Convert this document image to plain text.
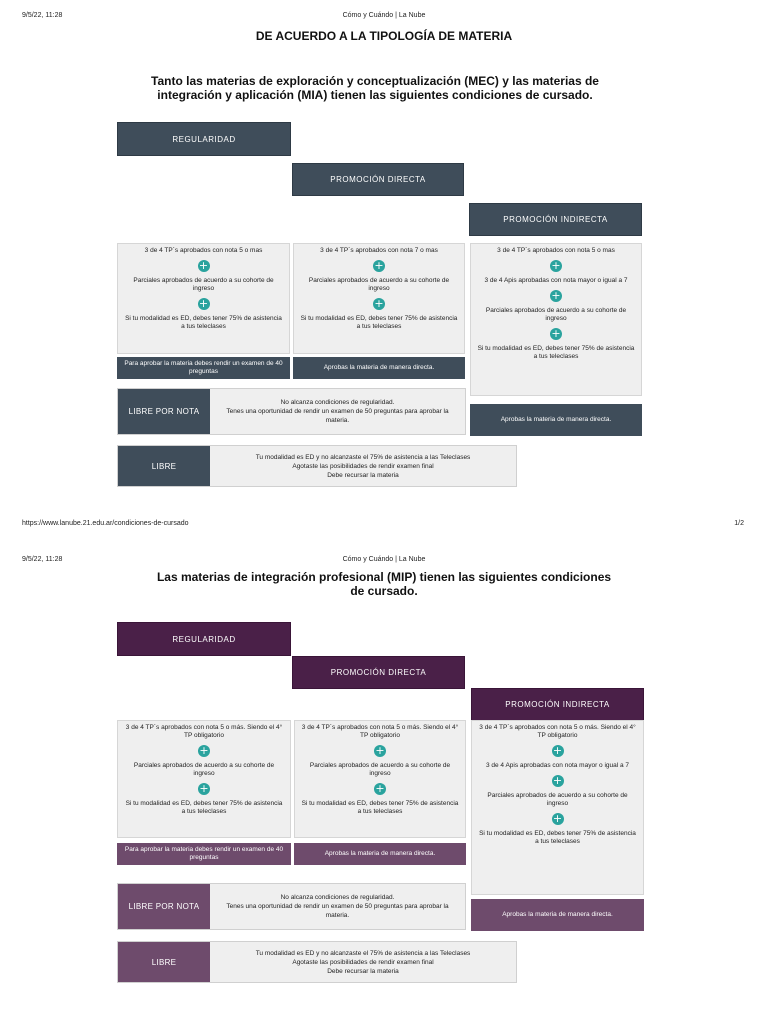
9/5/22, 11:28	Cómo y Cuándo | La Nube
DE ACUERDO A LA TIPOLOGÍA DE MATERIA
Tanto las materias de exploración y conceptualización (MEC) y las materias de integración y aplicación (MIA) tienen las siguientes condiciones de cursado.
REGULARIDAD
PROMOCIÓN DIRECTA
PROMOCIÓN INDIRECTA

3 de 4 TP´s aprobados con nota 5 o mas

+

Parciales aprobados de acuerdo a su cohorte de ingreso

+

Si tu modalidad es ED, debes tener 75% de asistencia a tus teleclases

3 de 4 TP´s aprobados con nota 7 o mas

+

Parciales aprobados de acuerdo a su cohorte de ingreso

+

Si tu modalidad es ED, debes tener 75% de asistencia a tus teleclases

3 de 4 TP´s aprobados con nota 5 o mas

+

3 de 4 Apis aprobadas con nota mayor o igual a 7

+

Parciales aprobados de acuerdo a su cohorte de ingreso

+

Si tu modalidad es ED, debes tener 75% de asistencia a tus teleclases

Para aprobar la materia debes rendir un examen de 40 preguntas
Aprobas la materia de manera directa.
Aprobas la materia de manera directa.
LIBRE POR NOTA
No alcanza condiciones de regularidad.
Tenes una oportunidad de rendir un examen de 50 preguntas para aprobar la materia.
LIBRE
Tu modalidad es ED y no alcanzaste el 75% de asistencia a las Teleclases
Agotaste las posibilidades de rendir examen final
Debe recursar la materia
https://www.lanube.21.edu.ar/condiciones-de-cursado	1/2
9/5/22, 11:28	Cómo y Cuándo | La Nube
Las materias de integración profesional (MIP) tienen las siguientes condiciones de cursado.
REGULARIDAD
PROMOCIÓN DIRECTA
PROMOCIÓN INDIRECTA

3 de 4 TP´s aprobados con nota 5 o más. Siendo el 4° TP obligatorio

+

Parciales aprobados de acuerdo a su cohorte de ingreso

+

Si tu modalidad es ED, debes tener 75% de asistencia a tus teleclases

3 de 4 TP´s aprobados con nota 5 o más. Siendo el 4° TP obligatorio

+

Parciales aprobados de acuerdo a su cohorte de ingreso

+

Si tu modalidad es ED, debes tener 75% de asistencia a tus teleclases

3 de 4 TP´s aprobados con nota 5 o más. Siendo el 4° TP obligatorio

+

3 de 4 Apis aprobadas con nota mayor o igual a 7

+

Parciales aprobados de acuerdo a su cohorte de ingreso

+

Si tu modalidad es ED, debes tener 75% de asistencia a tus teleclases

Para aprobar la materia debes rendir un examen de 40 preguntas
Aprobas la materia de manera directa.
Aprobas la materia de manera directa.
LIBRE POR NOTA
No alcanza condiciones de regularidad.
Tenes una oportunidad de rendir un examen de 50 preguntas para aprobar la materia.
LIBRE
Tu modalidad es ED y no alcanzaste el 75% de asistencia a las Teleclases
Agotaste las posibilidades de rendir examen final
Debe recursar la materia
